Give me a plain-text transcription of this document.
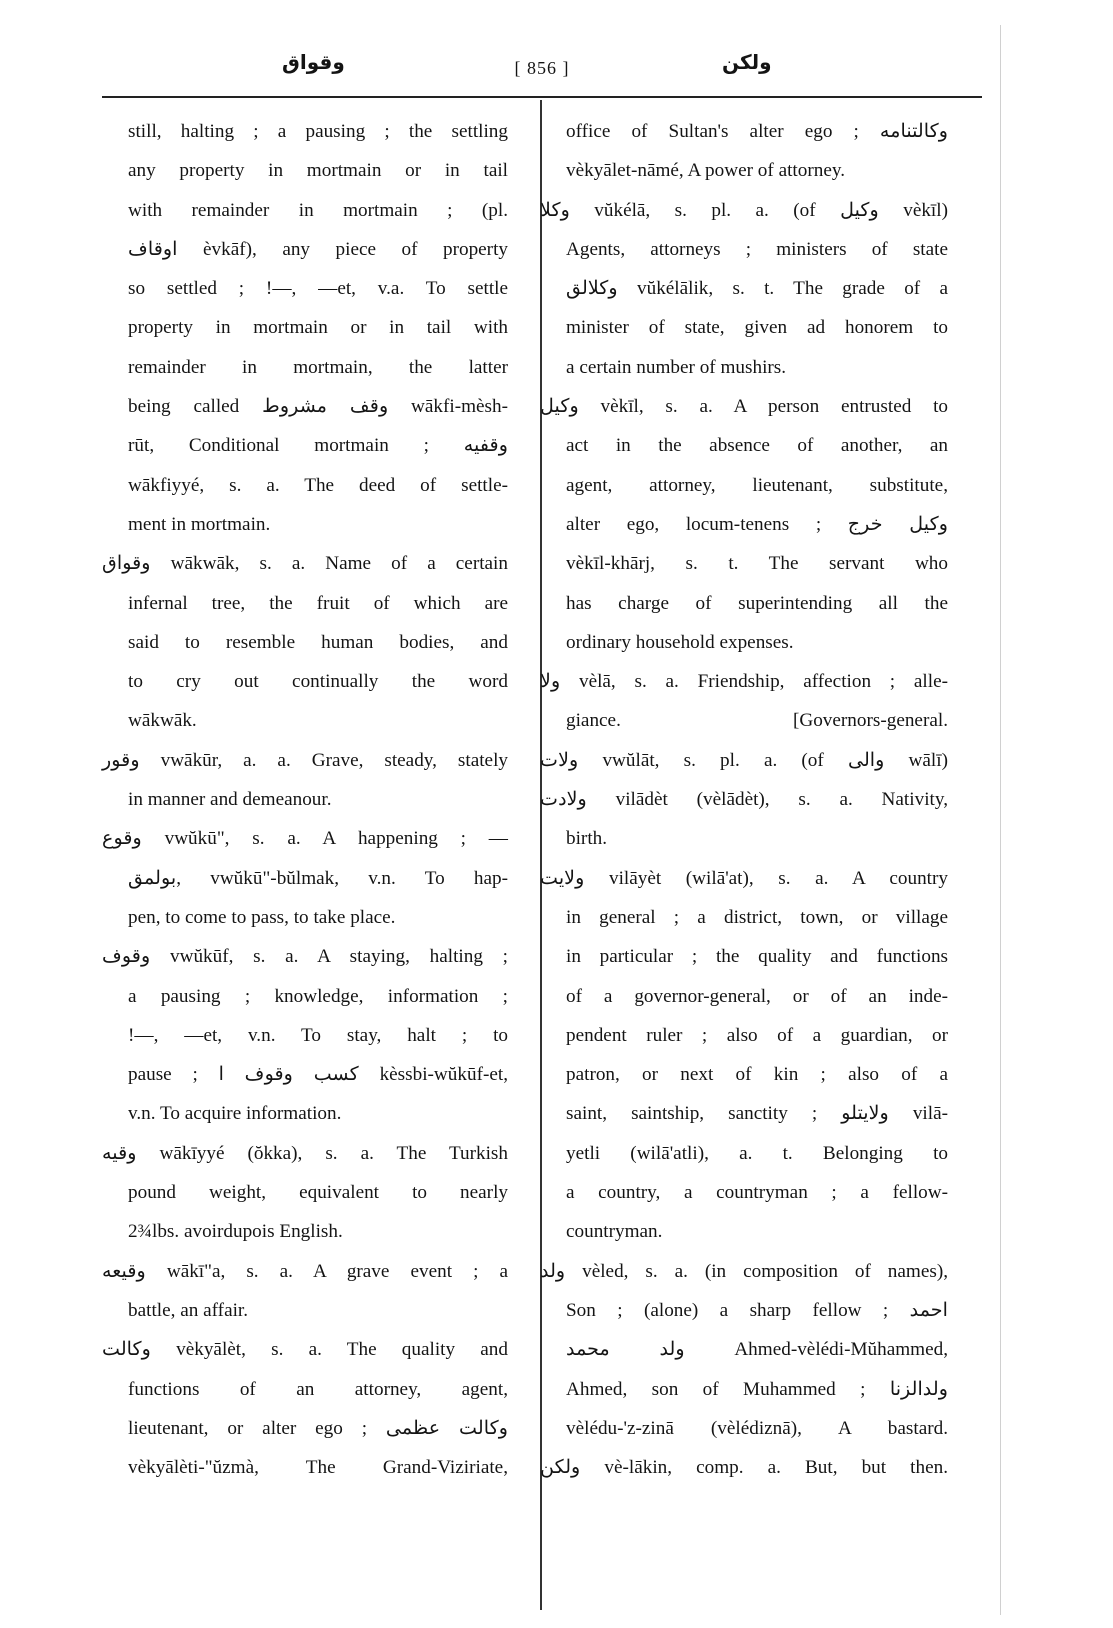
وقواق	[ 856 ]	ولكن
still, halting ; a pausing ; the settling
any property in mortmain or in tail
with remainder in mortmain ; (pl.
اوقاف èvkāf), any piece of property
so settled ; !—, —et, v.a. To settle
property in mortmain or in tail with
remainder in mortmain, the latter
being called وقف مشروط wākfi-mèsh-
rūt, Conditional mortmain ; وقفيه
wākfiyyé, s. a. The deed of settle-
ment in mortmain.
وقواق wākwāk, s. a. Name of a certain
infernal tree, the fruit of which are
said to resemble human bodies, and
to cry out continually the word
wākwāk.
وقور vwākūr, a. a. Grave, steady, stately
in manner and demeanour.
وقوع vwŭkū", s. a. A happening ; —
بولمق, vwŭkū"-bŭlmak, v.n. To hap-
pen, to come to pass, to take place.
وقوف vwŭkūf, s. a. A staying, halting ;
a pausing ; knowledge, information ;
!—, —et, v.n. To stay, halt ; to
pause ; كسب وقوف ا kèssbi-wŭkūf-et,
v.n. To acquire information.
وقيه wākīyyé (ŏkka), s. a. The Turkish
pound weight, equivalent to nearly
2¾lbs. avoirdupois English.
وقيعه wākī"a, s. a. A grave event ; a
battle, an affair.
وكالت vèkyālèt, s. a. The quality and
functions of an attorney, agent,
lieutenant, or alter ego ; وكالت عظمى
vèkyālèti-"ŭzmà, The Grand-Viziriate,
office of Sultan's alter ego ; وكالتنامه
vèkyālet-nāmé, A power of attorney.
وكلا vŭkélā, s. pl. a. (of وكيل vèkīl)
Agents, attorneys ; ministers of state
وكلالق vŭkélālik, s. t. The grade of a
minister of state, given ad honorem to
a certain number of mushirs.
وكيل vèkīl, s. a. A person entrusted to
act in the absence of another, an
agent, attorney, lieutenant, substitute,
alter ego, locum-tenens ; وكيل خرج
vèkīl-khārj, s. t. The servant who
has charge of superintending all the
ordinary household expenses.
ولا vèlā, s. a. Friendship, affection ; alle-
giance. [Governors-general.
ولات vwŭlāt, s. pl. a. (of والى wālī)
ولادت vilādèt (vèlādèt), s. a. Nativity,
birth.
ولايت vilāyèt (wilā'at), s. a. A country
in general ; a district, town, or village
in particular ; the quality and functions
of a governor-general, or of an inde-
pendent ruler ; also of a guardian, or
patron, or next of kin ; also of a
saint, saintship, sanctity ; ولايتلو vilā-
yetli (wilā'atli), a. t. Belonging to
a country, a countryman ; a fellow-
countryman.
ولد vèled, s. a. (in composition of names),
Son ; (alone) a sharp fellow ; احمد
ولد محمد Ahmed-vèlédi-Mŭhammed,
Ahmed, son of Muhammed ; ولدالزنا
vèlédu-'z-zinā (vèlédiznā), A bastard.
ولكن vè-lākin, comp. a. But, but then.
